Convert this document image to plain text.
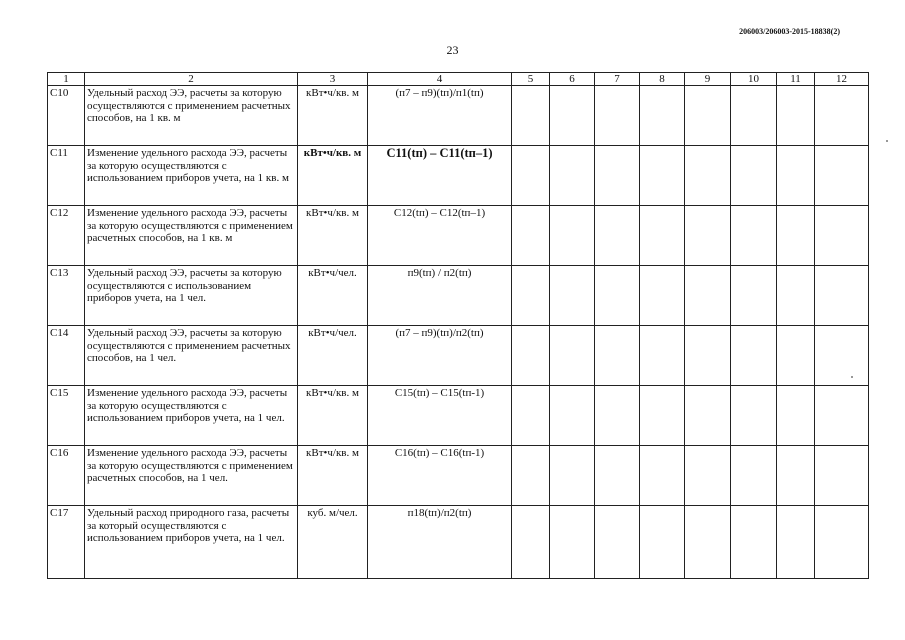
206003/206003-2015-18838(2)
23
1	2	3	4	5	6	7	8	9	10	11	12
C10	Удельный расход ЭЭ, расчеты за которую осуществляются с применением расчетных способов, на 1 кв. м	кВт•ч/кв. м	(п7 – п9)(tп)/п1(tп)								
C11	Изменение удельного расхода ЭЭ, расчеты за которую осуществляются с использованием приборов учета, на 1 кв. м	кВт•ч/кв. м	C11(tп) – C11(tп–1)								
C12	Изменение удельного расхода ЭЭ, расчеты за которую осуществляются с применением расчетных способов, на 1 кв. м	кВт•ч/кв. м	C12(tп) – C12(tп–1)								
C13	Удельный расход ЭЭ, расчеты за которую осуществляются с использованием приборов учета, на 1 чел.	кВт•ч/чел.	п9(tп) / п2(tп)								
C14	Удельный расход ЭЭ, расчеты за которую осуществляются с применением расчетных способов, на 1 чел.	кВт•ч/чел.	(п7 – п9)(tп)/п2(tп)								
C15	Изменение удельного расхода ЭЭ, расчеты за которую осуществляются с использованием приборов учета, на 1 чел.	кВт•ч/кв. м	C15(tп) – C15(tп-1)								
C16	Изменение удельного расхода ЭЭ, расчеты за которую осуществляются с применением расчетных способов, на 1 чел.	кВт•ч/кв. м	C16(tп) – C16(tп-1)								
C17	Удельный расход природного газа, расчеты за который осуществляются с использованием приборов учета, на 1 чел.	куб. м/чел.	п18(tп)/п2(tп)								
